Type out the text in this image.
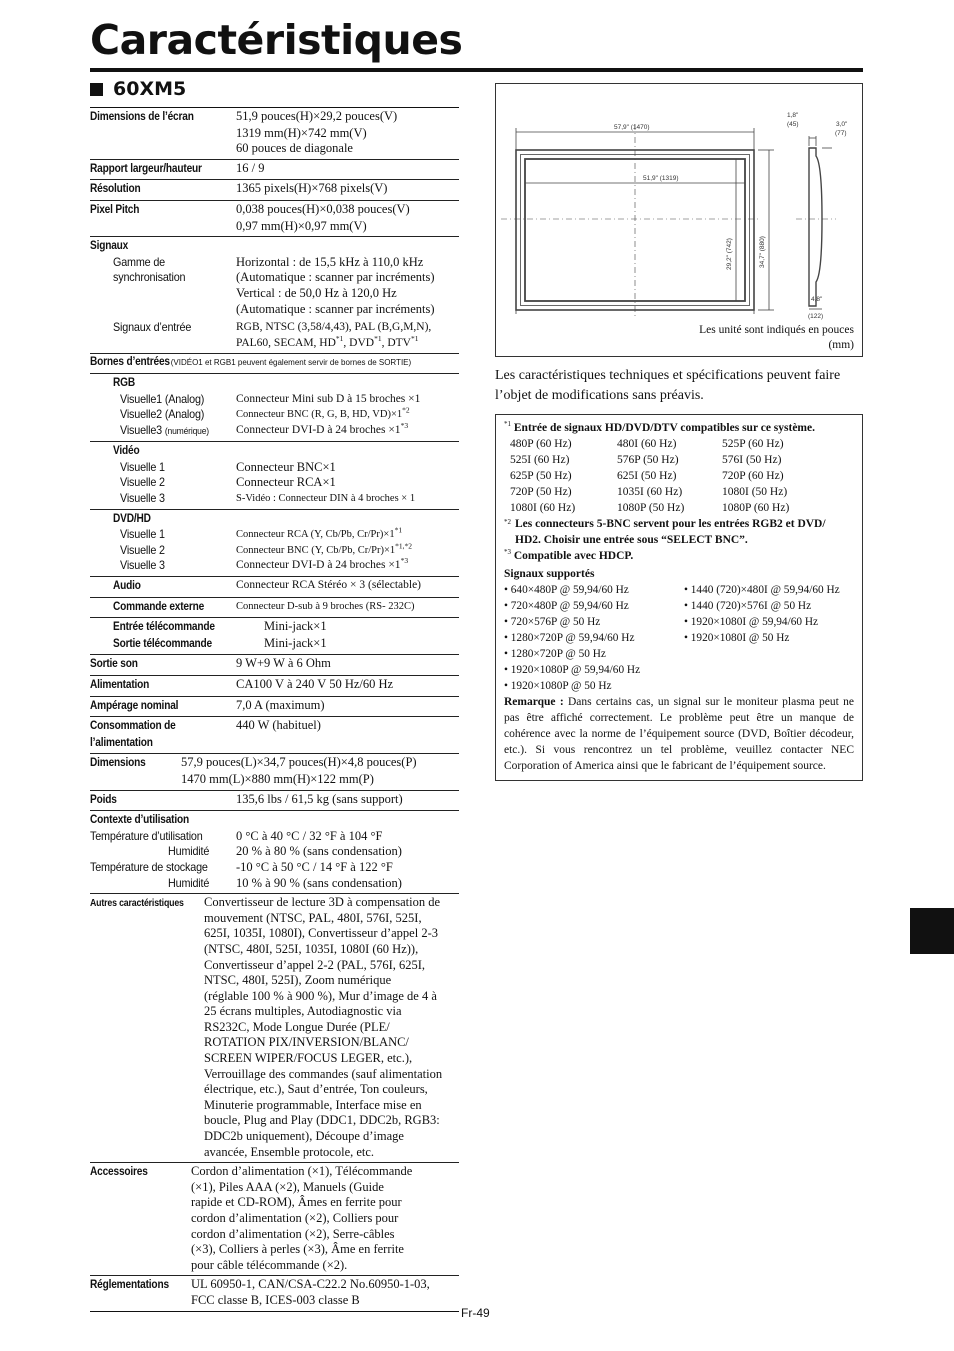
Caractéristiques
60XM5
Dimensions de l’écran	51,9 pouces(H)×29,2 pouces(V)
1319 mm(H)×742 mm(V)
60 pouces de diagonale
Rapport largeur/hauteur	16 / 9
Résolution	1365 pixels(H)×768 pixels(V)
Pixel Pitch	0,038 pouces(H)×0,038 pouces(V)
0,97 mm(H)×0,97 mm(V)
Signaux
Gamme de	Horizontal : de 15,5 kHz à 110,0 kHz
synchronisation	(Automatique : scanner par incréments)
Vertical : de 50,0 Hz à 120,0 Hz
(Automatique : scanner par incréments)
Signaux d’entrée	RGB, NTSC (3,58/4,43), PAL (B,G,M,N),
PAL60, SECAM, HD$^{*1}$, DVD$^{*1}$, DTV$^{*1}$
Bornes d’entrées (VIDÉO1 et RGB1 peuvent également servir de bornes de SORTIE)
RGB
Visuelle1 (Analog)	Connecteur Mini sub D à 15 broches ×1
Visuelle2 (Analog)	Connecteur BNC (R, G, B, HD, $VD)\times 1^{*2}$
Visuelle3 (numérique)	Connecteur DVI-D à 24 broches $\times 1^{*3}$
Vidéo
Visuelle 1	Connecteur BNC×1
Visuelle 2	Connecteur RCA×1
Visuelle 3	S-Vidéo : Connecteur DIN à 4 broches × 1
DVD/HD
Visuelle 1	Connecteur RCA (Y, Cb/Pb, $Cr/Pr)\times 1^{*1}$
Visuelle 2	Connecteur BNC (Y, Cb/Pb, $Cr/Pr)\times 1^{*1,*2}$
Visuelle 3	Connecteur DVI-D à 24 broches $\times 1^{*3}$
Audio	Connecteur RCA Stéréo × 3 (sélectable)
Commande externe	Connecteur D-sub à 9 broches (RS- 232C)
Entrée télécommande	Mini-jack×1
Sortie télécommande	Mini-jack×1
Sortie son	9 W+9 W à 6 Ohm
Alimentation	CA100 V à 240 V 50 Hz/60 Hz
Ampérage nominal	7,0 A (maximum)
Consommation de	440 W (habituel)
l’alimentation
Dimensions	57,9 pouces(L)×34,7 pouces(H)×4,8 pouces(P)
1470 mm(L)×880 mm(H)×122 mm(P)
Poids	135,6 lbs / 61,5 kg (sans support)
Contexte d’utilisation
Température d’utilisation	0 °C à 40 °C / 32 °F à 104 °F
Humidité	20 % à 80 % (sans condensation)
Température de stockage	-10 °C à 50 °C / 14 °F à 122 °F
Humidité	10 % à 90 % (sans condensation)
Autres caractéristiques	Convertisseur de lecture 3D à compensation de
mouvement (NTSC, PAL, 480I, 576I, 525I,
625I, 1035I, 1080I), Convertisseur d’appel 2-3
(NTSC, 480I, 525I, 1035I, 1080I (60 Hz)),
Convertisseur d’appel 2-2 (PAL, 576I, 625I,
NTSC, 480I, 525I), Zoom numérique
(réglable 100 % à 900 %), Mur d’image de 4 à
25 écrans multiples, Autodiagnostic via
RS232C, Mode Longue Durée (PLE/
ROTATION PIX/INVERSION/BLANC/
SCREEN WIPER/FOCUS LEGER, etc.),
Verrouillage des commandes (sauf alimentation
électrique, etc.), Saut d’entrée, Ton couleurs,
Minuterie programmable, Interface mise en
boucle, Plug and Play (DDC1, DDC2b, RGB3:
DDC2b uniquement), Découpe d’image
avancée, Ensemble protocole, etc.
Accessoires	Cordon d’alimentation (×1), Télécommande
(×1), Piles AAA (×2), Manuels (Guide
rapide et CD-ROM), Âmes en ferrite pour
cordon d’alimentation (×2), Colliers pour
cordon d’alimentation (×2), Serre-câbles
(×3), Colliers à perles (×3), Âme en ferrite
pour câble télécommande (×2).
Réglementations	UL 60950-1, CAN/CSA-C22.2 No.60950-1-03,
FCC classe B, ICES-003 classe B
57,9" (1470)
51,9" (1319)
29,2" (742)	34,7" (880)
1,8"
(45)	3,0"
(77)
4,8"
(122)
Les unité sont indiqués en pouces
(mm)
Les caractéristiques techniques et spécifications peuvent faire l’objet de modifications sans préavis.
$^{*1}$ Entrée de signaux HD/DVD/DTV compatibles sur ce système.
480P (60 Hz)	480I (60 Hz)	525P (60 Hz)
525I (60 Hz)	576P (50 Hz)	576I (50 Hz)
625P (50 Hz)	625I (50 Hz)	720P (60 Hz)
720P (50 Hz)	1035I (60 Hz)	1080I (50 Hz)
1080I (60 Hz)	1080P (50 Hz)	1080P (60 Hz)
*2 Les connecteurs 5-BNC servent pour les entrées RGB2 et DVD/
HD2. Choisir une entrée sous “SELECT BNC”.
$^{*3}$ Compatible avec HDCP.
Signaux supportés
• 640×480P @ 59,94/60 Hz	• 1440 (720)×480I @ 59,94/60 Hz
• 720×480P @ 59,94/60 Hz	• 1440 (720)×576I @ 50 Hz
• 720×576P @ 50 Hz	• 1920×1080I @ 59,94/60 Hz
• 1280×720P @ 59,94/60 Hz	• 1920×1080I @ 50 Hz
• 1280×720P @ 50 Hz
• 1920×1080P @ 59,94/60 Hz
• 1920×1080P @ 50 Hz
Remarque : Dans certains cas, un signal sur le moniteur plasma peut ne pas être affiché correctement. Le problème peut être un manque de cohérence avec la norme de l’équipement source (DVD, Boîtier décodeur, etc.). Si vous rencontrez un tel problème, veuillez contacter NEC Corporation of America ainsi que le fabricant de l’équipement source.
Fr-49
